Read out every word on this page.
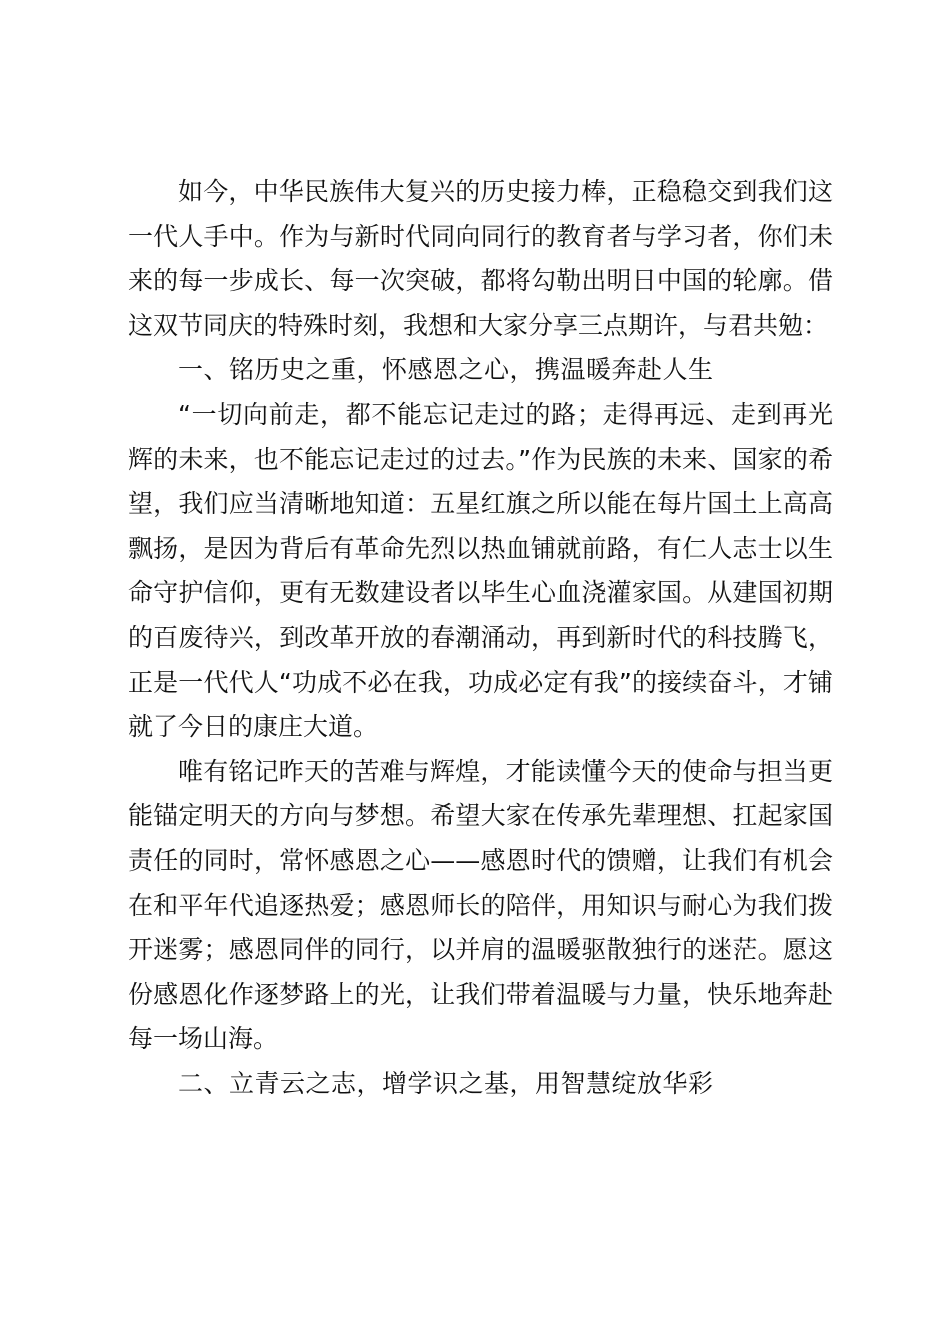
如今，中华民族伟大复兴的历史接力棒，正稳稳交到我们这一代人手中。作为与新时代同向同行的教育者与学习者，你们未来的每一步成长、每一次突破，都将勾勒出明日中国的轮廓。借这双节同庆的特殊时刻，我想和大家分享三点期许，与君共勉：

一、铭历史之重，怀感恩之心，携温暖奔赴人生

“一切向前走，都不能忘记走过的路；走得再远、走到再光辉的未来，也不能忘记走过的过去。”作为民族的未来、国家的希望，我们应当清晰地知道：五星红旗之所以能在每片国土上高高飘扬，是因为背后有革命先烈以热血铺就前路，有仁人志士以生命守护信仰，更有无数建设者以毕生心血浇灌家国。从建国初期的百废待兴，到改革开放的春潮涌动，再到新时代的科技腾飞，正是一代代人“功成不必在我，功成必定有我”的接续奋斗，才铺就了今日的康庄大道。

唯有铭记昨天的苦难与辉煌，才能读懂今天的使命与担当更能锚定明天的方向与梦想。希望大家在传承先辈理想、扛起家国责任的同时，常怀感恩之心——感恩时代的馈赠，让我们有机会在和平年代追逐热爱；感恩师长的陪伴，用知识与耐心为我们拨开迷雾；感恩同伴的同行，以并肩的温暖驱散独行的迷茫。愿这份感恩化作逐梦路上的光，让我们带着温暖与力量，快乐地奔赴每一场山海。

二、立青云之志，增学识之基，用智慧绽放华彩
